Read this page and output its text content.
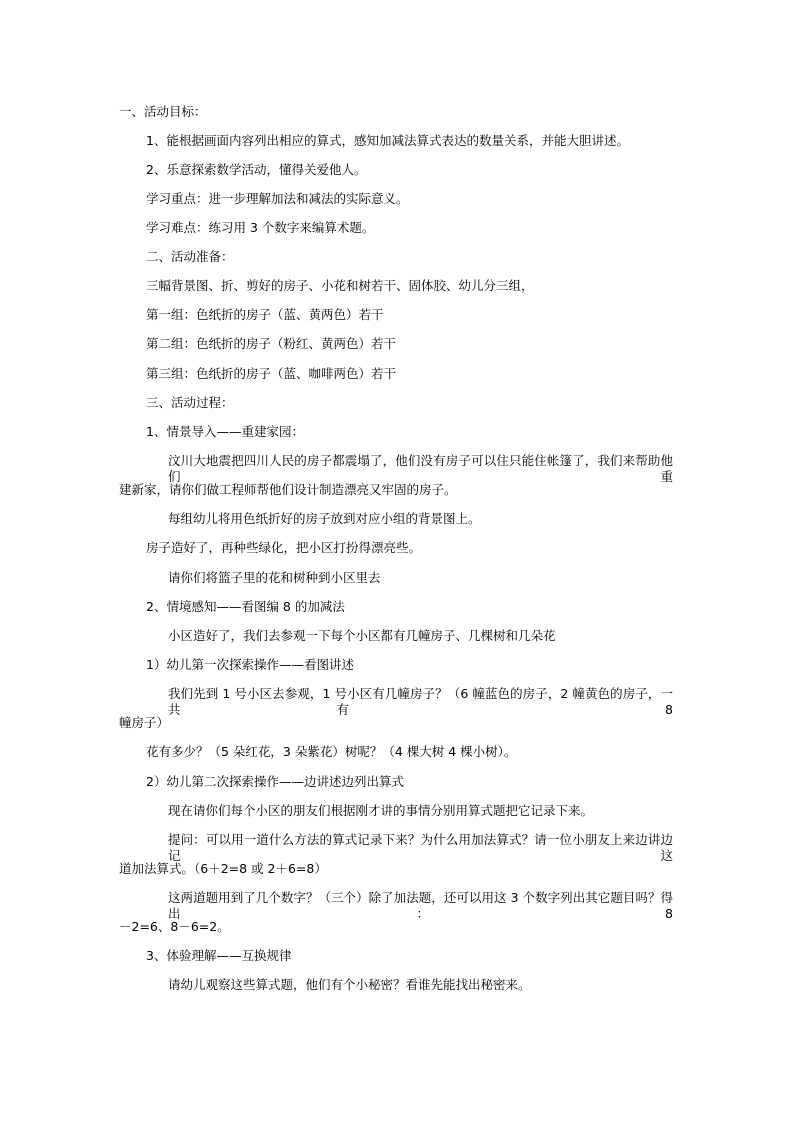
一、活动目标：

1、能根据画面内容列出相应的算式，感知加减法算式表达的数量关系，并能大胆讲述。

2、乐意探索数学活动，懂得关爱他人。

学习重点：进一步理解加法和减法的实际意义。

学习难点：练习用 3 个数字来编算术题。

二、活动准备：

三幅背景图、折、剪好的房子、小花和树若干、固体胶、幼儿分三组，

第一组：色纸折的房子（蓝、黄两色）若干

第二组：色纸折的房子（粉红、黄两色）若干

第三组：色纸折的房子（蓝、咖啡两色）若干

三、活动过程：

1、情景导入——重建家园：

汶川大地震把四川人民的房子都震塌了，他们没有房子可以住只能住帐篷了，我们来帮助他们重

建新家，请你们做工程师帮他们设计制造漂亮又牢固的房子。

每组幼儿将用色纸折好的房子放到对应小组的背景图上。

房子造好了，再种些绿化，把小区打扮得漂亮些。

请你们将篮子里的花和树种到小区里去

2、情境感知——看图编 8 的加减法

小区造好了，我们去参观一下每个小区都有几幢房子、几棵树和几朵花

1）幼儿第一次探索操作——看图讲述

我们先到 1 号小区去参观，1 号小区有几幢房子？（6 幢蓝色的房子，2 幢黄色的房子，一共有 8

幢房子）

花有多少？（5 朵红花，3 朵紫花）树呢？（4 棵大树 4 棵小树）。

2）幼儿第二次探索操作——边讲述边列出算式

现在请你们每个小区的朋友们根据刚才讲的事情分别用算式题把它记录下来。

提问：可以用一道什么方法的算式记录下来？为什么用加法算式？请一位小朋友上来边讲边记这

道加法算式。（6＋2=8 或 2＋6=8）

这两道题用到了几个数字？（三个）除了加法题，还可以用这 3 个数字列出其它题目吗？得出：8

－2=6、8－6=2。

3、体验理解——互换规律

请幼儿观察这些算式题，他们有个小秘密？看谁先能找出秘密来。
